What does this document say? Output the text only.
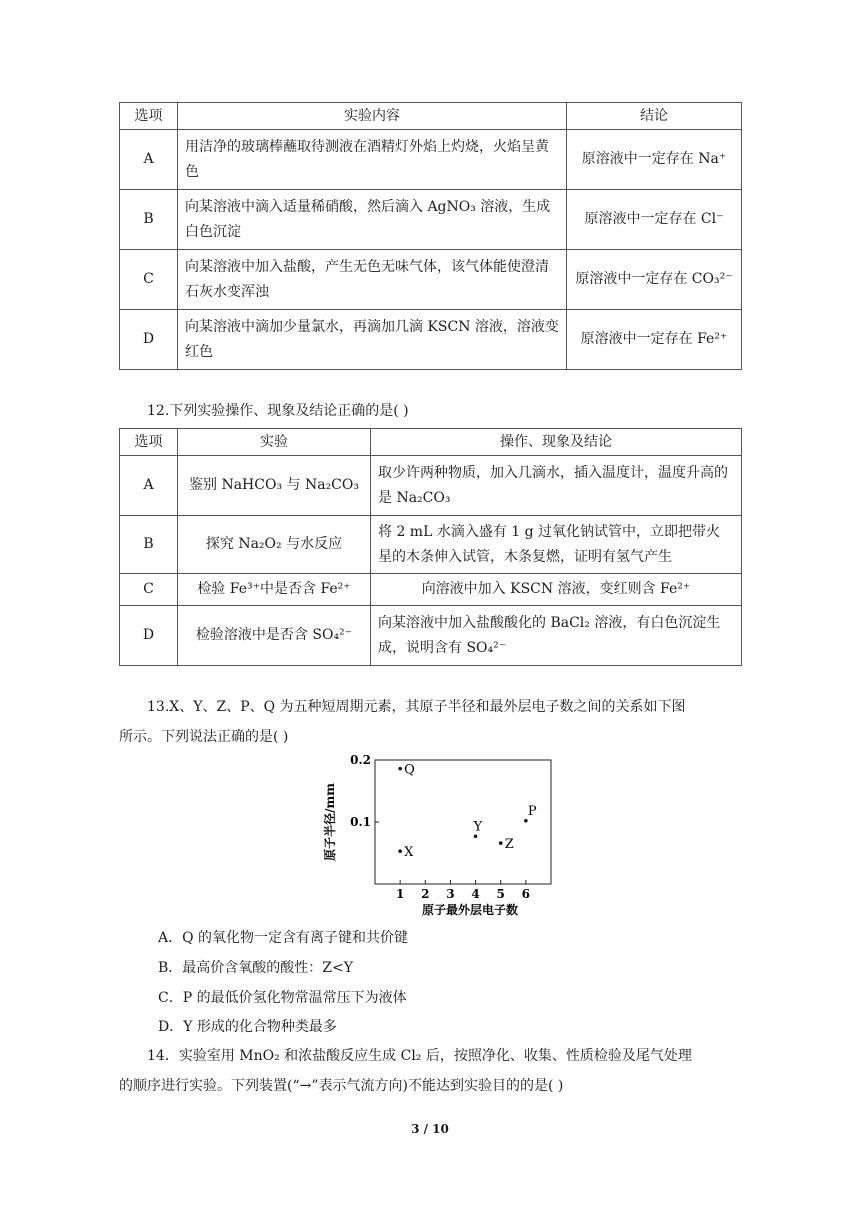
选项	实验内容	结论
A	用洁净的玻璃棒蘸取待测液在酒精灯外焰上灼烧，火焰呈黄色	原溶液中一定存在 Na⁺
B	向某溶液中滴入适量稀硝酸，然后滴入 AgNO₃ 溶液，生成白色沉淀	原溶液中一定存在 Cl⁻
C	向某溶液中加入盐酸，产生无色无味气体，该气体能使澄清石灰水变浑浊	原溶液中一定存在 CO₃²⁻
D	向某溶液中滴加少量氯水，再滴加几滴 KSCN 溶液，溶液变红色	原溶液中一定存在 Fe²⁺
12.下列实验操作、现象及结论正确的是( )
选项	实验	操作、现象及结论
A	鉴别 NaHCO₃ 与 Na₂CO₃	取少许两种物质，加入几滴水，插入温度计，温度升高的是 Na₂CO₃
B	探究 Na₂O₂ 与水反应	将 2 mL 水滴入盛有 1 g 过氧化钠试管中，立即把带火星的木条伸入试管，木条复燃，证明有氢气产生
C	检验 Fe³⁺中是否含 Fe²⁺	向溶液中加入 KSCN 溶液，变红则含 Fe²⁺
D	检验溶液中是否含 SO₄²⁻	向某溶液中加入盐酸酸化的 BaCl₂ 溶液，有白色沉淀生成，说明含有 SO₄²⁻
13.X、Y、Z、P、Q 为五种短周期元素，其原子半径和最外层电子数之间的关系如下图
所示。下列说法正确的是( )
1 2 3 4 5 6
0.1
0.2
Q
X
Y
Z
P
原子半径/mm
原子最外层电子数
A．Q 的氧化物一定含有离子键和共价键
B．最高价含氧酸的酸性：Z<Y
C．P 的最低价氢化物常温常压下为液体
D．Y 形成的化合物种类最多
14．实验室用 MnO₂ 和浓盐酸反应生成 Cl₂ 后，按照净化、收集、性质检验及尾气处理
的顺序进行实验。下列装置(“→”表示气流方向)不能达到实验目的的是( )
3 / 10
